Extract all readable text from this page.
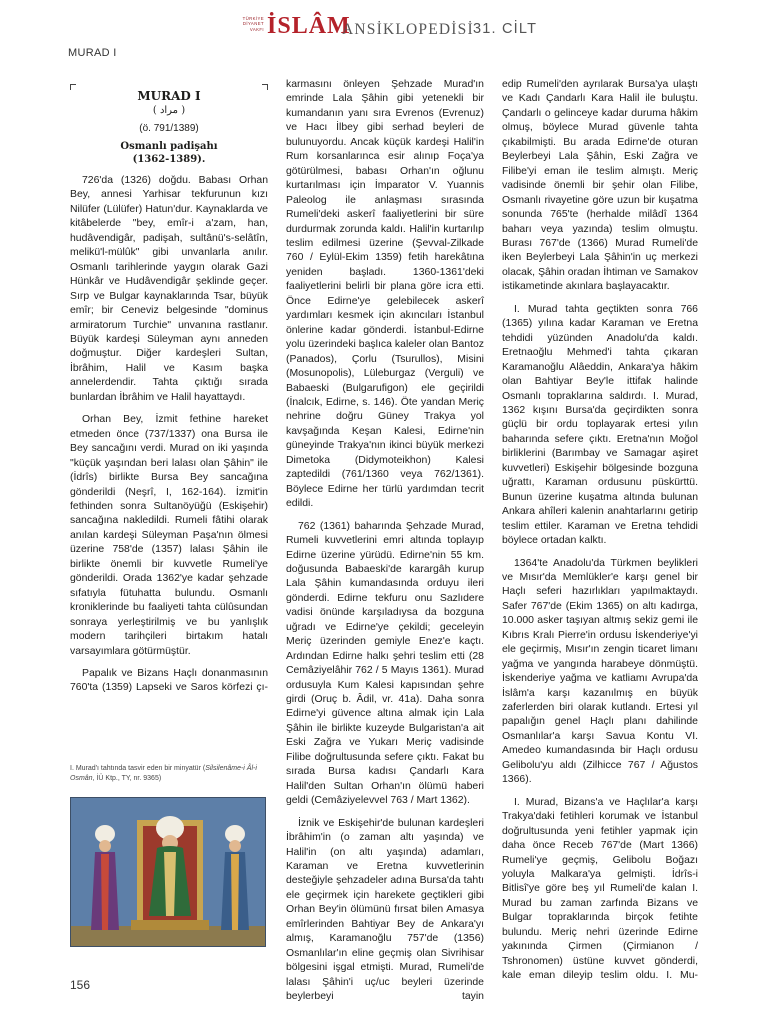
TÜRKİYE
DİYANET
VAKFI İSLÂM
ANSİKLOPEDİSİ 31. CİLT
MURAD I
MURAD I
( مراد )
(ö. 791/1389)
Osmanlı padişahı
(1362-1389).

726'da (1326) doğdu. Babası Orhan Bey, annesi Yarhisar tekfurunun kızı Nilüfer (Lülüfer) Hatun'dur. Kaynaklarda ve kitâbelerde "bey, emîr-i a'zam, han, hudâvendigâr, padişah, sultânü's-selâtîn, melikü'l-mülûk" gibi unvanlarla anılır. Osmanlı tarihlerinde yaygın olarak Gazi Hünkâr ve Hudâvendigâr şeklinde geçer. Sırp ve Bulgar kaynaklarında Tsar, büyük emîr; bir Ceneviz belgesinde "dominus armiratorum Turchie" unvanına rastlanır. Büyük kardeşi Süleyman aynı anneden doğmuştur. Diğer kardeşleri Sultan, İbrâhim, Halil ve Kasım başka annelerdendir. Tahta çıktığı sırada bunlardan İbrâhim ve Halil hayattaydı.

Orhan Bey, İzmit fethine hareket etmeden önce (737/1337) ona Bursa ile Bey sancağını verdi. Murad on iki yaşında "küçük yaşından beri lalası olan Şâhin" ile (İdrîs) birlikte Bursa Bey sancağına gönderildi (Neşrî, I, 162-164). İzmit'in fethinden sonra Sultanöyüğü (Eskişehir) sancağına nakledildi. Rumeli fâtihi olarak anılan kardeşi Süleyman Paşa'nın ölmesi üzerine 758'de (1357) lalası Şâhin ile birlikte önemli bir kuvvetle Rumeli'ye gönderildi. Orada 1362'ye kadar şehzade sıfatıyla fütuhatta bulundu. Osmanlı kroniklerinde bu faaliyeti tahta cülûsundan sonraya yerleştirilmiş ve bu yanlışlık modern tarihçileri birtakım hatalı varsayımlara götürmüştür.

Papalık ve Bizans Haçlı donanmasının 760'ta (1359) Lapseki ve Saros körfezi çı-

I. Murad'ı tahtında tasvir eden bir minyatür (Silsilenâme-i Âl-i Osmân, İÜ Ktp., TY, nr. 9365)

karmasını önleyen Şehzade Murad'ın emrinde Lala Şâhin gibi yetenekli bir kumandanın yanı sıra Evrenos (Evrenuz) ve Hacı İlbey gibi serhad beyleri de bulunuyordu. Ancak küçük kardeşi Halil'in Rum korsanlarınca esir alınıp Foça'ya götürülmesi, babası Orhan'ın oğlunu kurtarılması için İmparator V. Yuannis Paleolog ile anlaşması sırasında Rumeli'deki askerî faaliyetlerini bir süre durdurmak zorunda kaldı. Halil'in kurtarılıp teslim edilmesi üzerine (Şevval-Zilkade 760 / Eylül-Ekim 1359) fetih harekâtına yeniden başladı. 1360-1361'deki faaliyetlerini belirli bir plana göre icra etti. Önce Edirne'ye gelebilecek askerî yardımları kesmek için akıncıları İstanbul önlerine kadar gönderdi. İstanbul-Edirne yolu üzerindeki başlıca kaleler olan Bantoz (Panados), Çorlu (Tsurullos), Misini (Mosunopolis), Lüleburgaz (Verguli) ve Babaeski (Bulgarufigon) ele geçirildi (İnalcık, Edirne, s. 146). Öte yandan Meriç nehrine doğru Güney Trakya yol kavşağında Keşan Kalesi, Edirne'nin güneyinde Trakya'nın ikinci büyük merkezi Dimetoka (Didymoteikhon) Kalesi zaptedildi (761/1360 veya 762/1361). Böylece Edirne her türlü yardımdan tecrit edildi.

762 (1361) baharında Şehzade Murad, Rumeli kuvvetlerini emri altında toplayıp Edirne üzerine yürüdü. Edirne'nin 55 km. doğusunda Babaeski'de karargâh kurup Lala Şâhin kumandasında orduyu ileri gönderdi. Edirne tekfuru onu Sazlıdere vadisi önünde karşıladıysa da bozguna uğradı ve Edirne'ye çekildi; geceleyin Meriç üzerinden gemiyle Enez'e kaçtı. Ardından Edirne halkı şehri teslim etti (28 Cemâziyelâhir 762 / 5 Mayıs 1361). Murad ordusuyla Kum Kalesi kapısından şehre girdi (Oruç b. Âdil, vr. 41a). Daha sonra Edirne'yi güvence altına almak için Lala Şâhin ile birlikte kuzeyde Bulgaristan'a ait Eski Zağra ve Yukarı Meriç vadisinde Filibe doğrultusunda sefere çıktı. Fakat bu sırada Bursa kadısı Çandarlı Kara Halil'den Sultan Orhan'ın ölümü haberi geldi (Cemâziyelevvel 763 / Mart 1362).

İznik ve Eskişehir'de bulunan kardeşleri İbrâhim'in (o zaman altı yaşında) ve Halil'in (on altı yaşında) adamları, Karaman ve Eretna kuvvetlerinin desteğiyle şehzadeler adına Bursa'da tahtı ele geçirmek için harekete geçtikleri gibi Orhan Bey'in ölümünü fırsat bilen Amasya emîrlerinden Bahtiyar Bey de Ankara'yı almış, Karamanoğlu 757'de (1356) Osmanlılar'ın eline geçmiş olan Sivrihisar bölgesini işgal etmişti. Murad, Rumeli'de lalası Şâhin'i uç/uc beyleri üzerinde beylerbeyi tayin

edip Rumeli'den ayrılarak Bursa'ya ulaştı ve Kadı Çandarlı Kara Halil ile buluştu. Çandarlı o gelinceye kadar duruma hâkim olmuş, böylece Murad güvenle tahta çıkabilmişti. Bu arada Edirne'de oturan Beylerbeyi Lala Şâhin, Eski Zağra ve Filibe'yi eman ile teslim almıştı. Meriç vadisinde önemli bir şehir olan Filibe, Osmanlı rivayetine göre uzun bir kuşatma sonunda 765'te (herhalde milâdî 1364 baharı veya yazında) teslim olmuştu. Burası 767'de (1366) Murad Rumeli'de iken Beylerbeyi Lala Şâhin'in uç merkezi olacak, Şâhin oradan İhtiman ve Samakov istikametinde akınlara başlayacaktır.

I. Murad tahta geçtikten sonra 766 (1365) yılına kadar Karaman ve Eretna tehdidi yüzünden Anadolu'da kaldı. Eretnaoğlu Mehmed'i tahta çıkaran Karamanoğlu Alâeddin, Ankara'ya hâkim olan Bahtiyar Bey'le ittifak halinde Osmanlı topraklarına saldırdı. I. Murad, 1362 kışını Bursa'da geçirdikten sonra güçlü bir ordu toplayarak ertesi yılın baharında sefere çıktı. Eretna'nın Moğol birliklerini (Barımbay ve Samagar aşiret kuvvetleri) Eskişehir bölgesinde bozguna uğrattı, Karaman ordusunu püskürttü. Bunun üzerine kuşatma altında bulunan Ankara ahîleri kalenin anahtarlarını getirip teslim ettiler. Karaman ve Eretna tehdidi böylece ortadan kalktı.

1364'te Anadolu'da Türkmen beylikleri ve Mısır'da Memlükler'e karşı genel bir Haçlı seferi hazırlıkları yapılmaktaydı. Safer 767'de (Ekim 1365) on altı kadırga, 10.000 asker taşıyan altmış sekiz gemi ile Kıbrıs Kralı Pierre'in ordusu İskenderiye'yi ele geçirmiş, Mısır'ın zengin ticaret limanı yağma ve yangında harabeye dönmüştü. İskenderiye yağma ve katliamı Avrupa'da İslâm'a karşı kazanılmış en büyük zaferlerden biri olarak kutlandı. Ertesi yıl papalığın genel Haçlı planı dahilinde Osmanlılar'a karşı Savua Kontu VI. Amedeo kumandasında bir Haçlı ordusu Gelibolu'yu aldı (Zilhicce 767 / Ağustos 1366).

I. Murad, Bizans'a ve Haçlılar'a karşı Trakya'daki fetihleri korumak ve İstanbul doğrultusunda yeni fetihler yapmak için daha önce Receb 767'de (Mart 1366) Rumeli'ye geçmiş, Gelibolu Boğazı yoluyla Malkara'ya gelmişti. İdrîs-i Bitlisî'ye göre beş yıl Rumeli'de kalan I. Murad bu zaman zarfında Bizans ve Bulgar topraklarında birçok fetihte bulundu. Meriç nehri üzerinde Edirne yakınında Çirmen (Çirmianon / Tshronomen) üstüne kuvvet gönderdi, kale eman dileyip teslim oldu. I. Mu-

156
